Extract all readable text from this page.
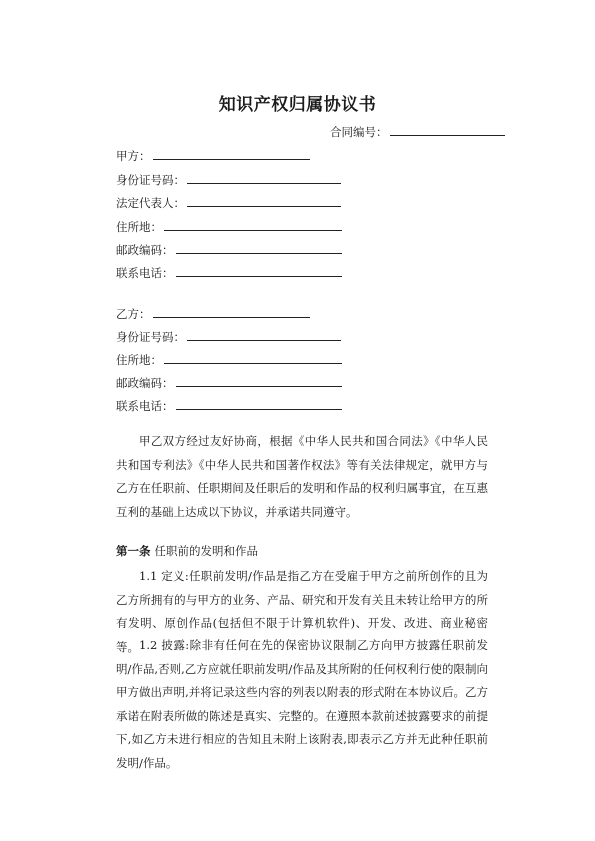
知识产权归属协议书
合同编号：
甲方：
身份证号码：
法定代表人：
住所地：
邮政编码：
联系电话：
乙方：
身份证号码：
住所地：
邮政编码：
联系电话：

甲乙双方经过友好协商，根据《中华人民共和国合同法》《中华人民共和国专利法》《中华人民共和国著作权法》等有关法律规定，就甲方与乙方在任职前、任职期间及任职后的发明和作品的权利归属事宜，在互惠互利的基础上达成以下协议，并承诺共同遵守。

第一条 任职前的发明和作品

1.1 定义:任职前发明/作品是指乙方在受雇于甲方之前所创作的且为乙方所拥有的与甲方的业务、产品、研究和开发有关且未转让给甲方的所有发明、原创作品(包括但不限于计算机软件)、开发、改进、商业秘密等。 1.2 披露:除非有任何在先的保密协议限制乙方向甲方披露任职前发明/作品,否则,乙方应就任职前发明/作品及其所附的任何权利行使的限制向甲方做出声明,并将记录这些内容的列表以附表的形式附在本协议后。乙方承诺在附表所做的陈述是真实、完整的。在遵照本款前述披露要求的前提下,如乙方未进行相应的告知且未附上该附表,即表示乙方并无此种任职前发明/作品。
